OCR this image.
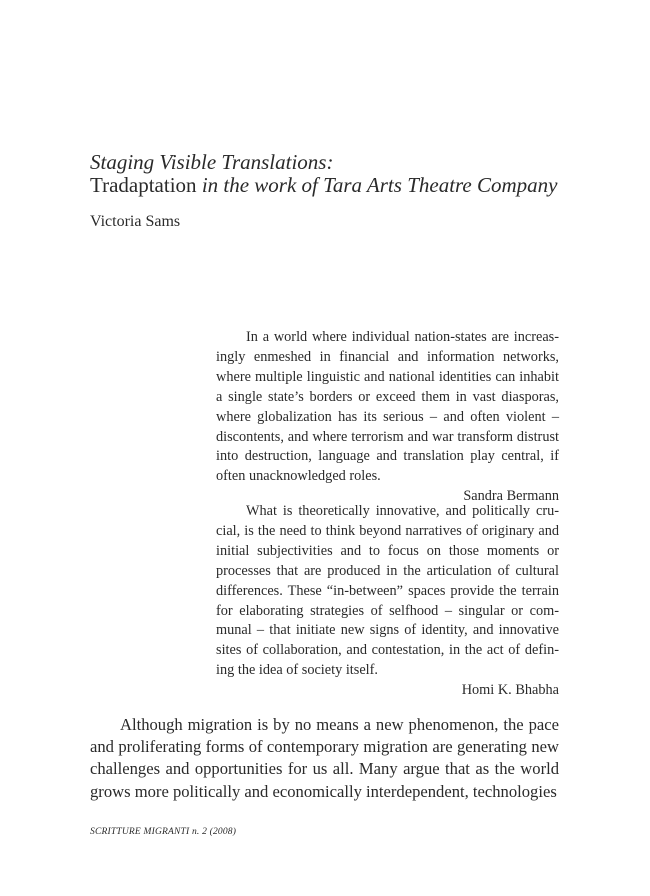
Staging Visible Translations:

Tradaptation in the work of Tara Arts Theatre Company

Victoria Sams

In a world where individual nation-states are increasingly enmeshed in financial and information networks, where multiple linguistic and national identities can inhabit a single state’s borders or exceed them in vast diasporas, where globalization has its serious – and often violent – discontents, and where terrorism and war transform distrust into destruction, language and translation play central, if often unacknowledged roles.

Sandra Bermann

What is theoretically innovative, and politically crucial, is the need to think beyond narratives of originary and initial subjectivities and to focus on those moments or processes that are produced in the articulation of cultural differences. These “in-between” spaces provide the terrain for elaborating strategies of selfhood – singular or communal – that initiate new signs of identity, and innovative sites of collaboration, and contestation, in the act of defining the idea of society itself.

Homi K. Bhabha

Although migration is by no means a new phenomenon, the pace and proliferating forms of contemporary migration are generating new challenges and opportunities for us all. Many argue that as the world grows more politically and economically interdependent, technologies

SCRITTURE MIGRANTI n. 2 (2008)
